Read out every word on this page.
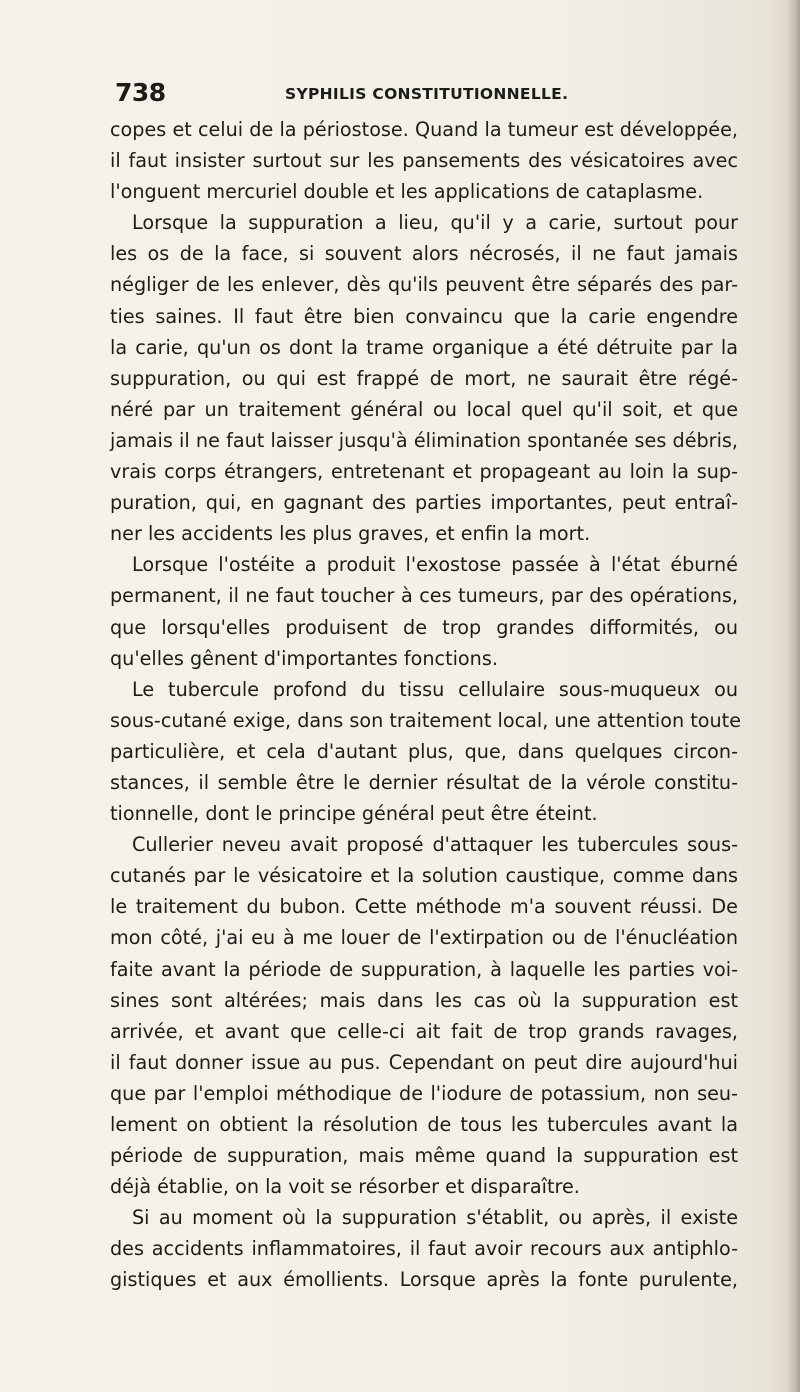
738	SYPHILIS CONSTITUTIONNELLE.
copes et celui de la périostose. Quand la tumeur est développée,
il faut insister surtout sur les pansements des vésicatoires avec
l'onguent mercuriel double et les applications de cataplasme.
Lorsque la suppuration a lieu, qu'il y a carie, surtout pour
les os de la face, si souvent alors nécrosés, il ne faut jamais
négliger de les enlever, dès qu'ils peuvent être séparés des par-
ties saines. Il faut être bien convaincu que la carie engendre
la carie, qu'un os dont la trame organique a été détruite par la
suppuration, ou qui est frappé de mort, ne saurait être régé-
néré par un traitement général ou local quel qu'il soit, et que
jamais il ne faut laisser jusqu'à élimination spontanée ses débris,
vrais corps étrangers, entretenant et propageant au loin la sup-
puration, qui, en gagnant des parties importantes, peut entraî-
ner les accidents les plus graves, et enfin la mort.
Lorsque l'ostéite a produit l'exostose passée à l'état éburné
permanent, il ne faut toucher à ces tumeurs, par des opérations,
que lorsqu'elles produisent de trop grandes difformités, ou
qu'elles gênent d'importantes fonctions.
Le tubercule profond du tissu cellulaire sous-muqueux ou
sous-cutané exige, dans son traitement local, une attention toute
particulière, et cela d'autant plus, que, dans quelques circon-
stances, il semble être le dernier résultat de la vérole constitu-
tionnelle, dont le principe général peut être éteint.
Cullerier neveu avait proposé d'attaquer les tubercules sous-
cutanés par le vésicatoire et la solution caustique, comme dans
le traitement du bubon. Cette méthode m'a souvent réussi. De
mon côté, j'ai eu à me louer de l'extirpation ou de l'énucléation
faite avant la période de suppuration, à laquelle les parties voi-
sines sont altérées; mais dans les cas où la suppuration est
arrivée, et avant que celle-ci ait fait de trop grands ravages,
il faut donner issue au pus. Cependant on peut dire aujourd'hui
que par l'emploi méthodique de l'iodure de potassium, non seu-
lement on obtient la résolution de tous les tubercules avant la
période de suppuration, mais même quand la suppuration est
déjà établie, on la voit se résorber et disparaître.
Si au moment où la suppuration s'établit, ou après, il existe
des accidents inflammatoires, il faut avoir recours aux antiphlo-
gistiques et aux émollients. Lorsque après la fonte purulente,
